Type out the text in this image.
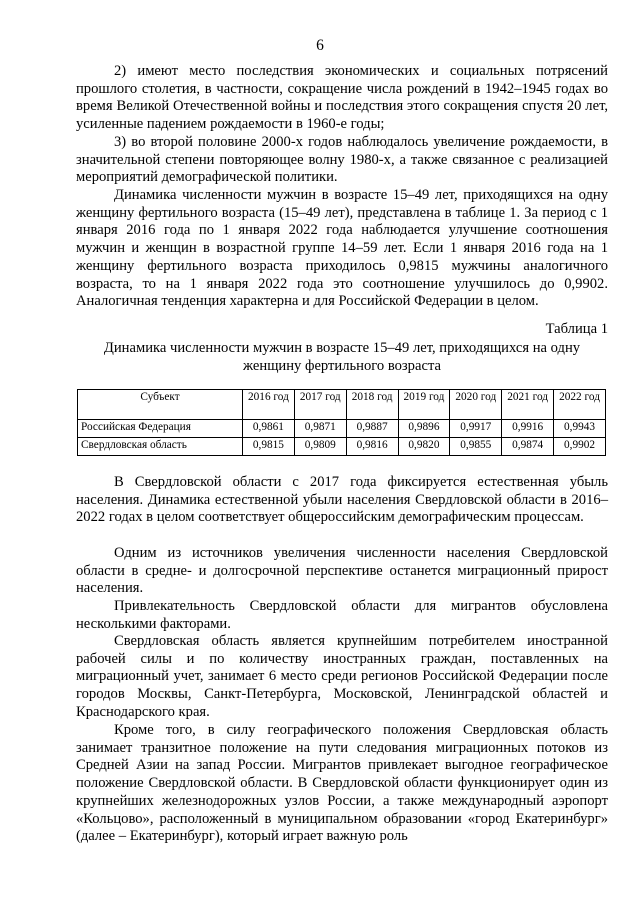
6

2) имеют место последствия экономических и социальных потрясений прошлого столетия, в частности, сокращение числа рождений в 1942–1945 годах во время Великой Отечественной войны и последствия этого сокращения спустя 20 лет, усиленные падением рождаемости в 1960-е годы;

3) во второй половине 2000-х годов наблюдалось увеличение рождаемости, в значительной степени повторяющее волну 1980-х, а также связанное с реализацией мероприятий демографической политики.

Динамика численности мужчин в возрасте 15–49 лет, приходящихся на одну женщину фертильного возраста (15–49 лет), представлена в таблице 1. За период с 1 января 2016 года по 1 января 2022 года наблюдается улучшение соотношения мужчин и женщин в возрастной группе 14–59 лет. Если 1 января 2016 года на 1 женщину фертильного возраста приходилось 0,9815 мужчины аналогичного возраста, то на 1 января 2022 года это соотношение улучшилось до 0,9902. Аналогичная тенденция характерна и для Российской Федерации в целом.

Таблица 1
Динамика численности мужчин в возрасте 15–49 лет, приходящихся на одну женщину фертильного возраста
Субъект	2016 год	2017 год	2018 год	2019 год	2020 год	2021 год	2022 год
Российская Федерация	0,9861	0,9871	0,9887	0,9896	0,9917	0,9916	0,9943
Свердловская область	0,9815	0,9809	0,9816	0,9820	0,9855	0,9874	0,9902

В Свердловской области с 2017 года фиксируется естественная убыль населения. Динамика естественной убыли населения Свердловской области в 2016–2022 годах в целом соответствует общероссийским демографическим процессам.

Одним из источников увеличения численности населения Свердловской области в средне- и долгосрочной перспективе останется миграционный прирост населения.

Привлекательность Свердловской области для мигрантов обусловлена несколькими факторами.

Свердловская область является крупнейшим потребителем иностранной рабочей силы и по количеству иностранных граждан, поставленных на миграционный учет, занимает 6 место среди регионов Российской Федерации после городов Москвы, Санкт-Петербурга, Московской, Ленинградской областей и Краснодарского края.

Кроме того, в силу географического положения Свердловская область занимает транзитное положение на пути следования миграционных потоков из Средней Азии на запад России. Мигрантов привлекает выгодное географическое положение Свердловской области. В Свердловской области функционирует один из крупнейших железнодорожных узлов России, а также международный аэропорт «Кольцово», расположенный в муниципальном образовании «город Екатеринбург» (далее – Екатеринбург), который играет важную роль
